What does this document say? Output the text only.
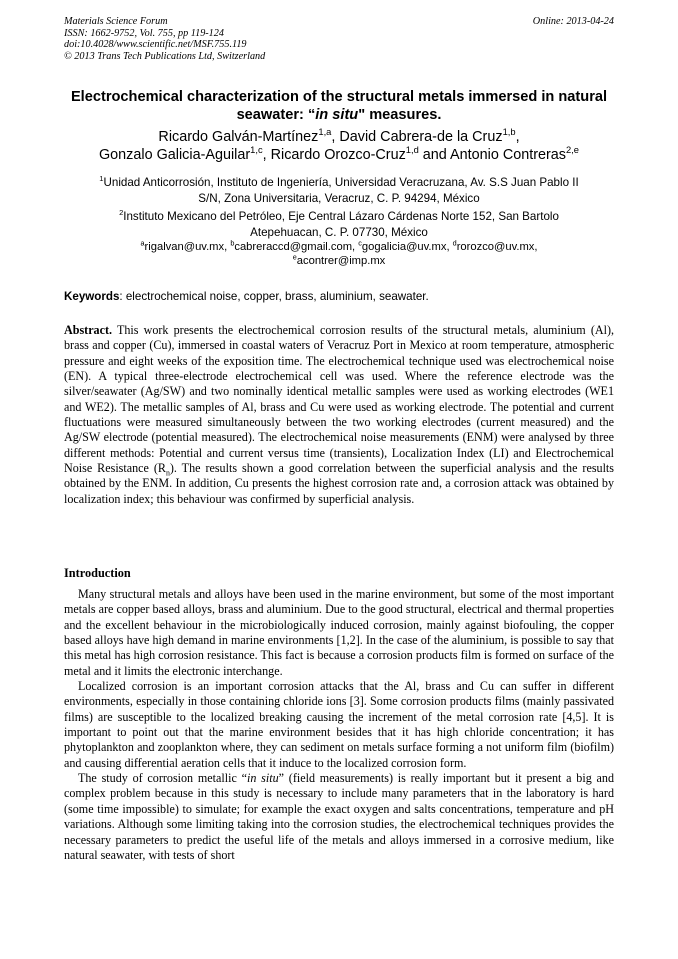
Materials Science Forum
ISSN: 1662-9752, Vol. 755, pp 119-124
doi:10.4028/www.scientific.net/MSF.755.119
© 2013 Trans Tech Publications Ltd, Switzerland
Online: 2013-04-24
Electrochemical characterization of the structural metals immersed in natural seawater: “in situ" measures.
Ricardo Galván-Martínez$^{1,a}$, David Cabrera-de la Cruz$^{1,b}$,
Gonzalo Galicia-Aguilar$^{1,c}$, Ricardo Orozco-Cruz$^{1,d}$ and Antonio Contreras$^{2,e}$
$^1$Unidad Anticorrosión, Instituto de Ingeniería, Universidad Veracruzana, Av. S.S Juan Pablo II
S/N, Zona Universitaria, Veracruz, C. P. 94294, México
$^2$Instituto Mexicano del Petróleo, Eje Central Lázaro Cárdenas Norte 152, San Bartolo
Atepehuacan, C. P. 07730, México
$^a$rigalvan@uv.mx, $^b$cabreraccd@gmail.com, $^c$gogalicia@uv.mx, $^d$rorozco@uv.mx,
$^e$acontrer@imp.mx
Keywords: electrochemical noise, copper, brass, aluminium, seawater.
Abstract. This work presents the electrochemical corrosion results of the structural metals, aluminium (Al), brass and copper (Cu), immersed in coastal waters of Veracruz Port in Mexico at room temperature, atmospheric pressure and eight weeks of the exposition time. The electrochemical technique used was electrochemical noise (EN). A typical three-electrode electrochemical cell was used. Where the reference electrode was the silver/seawater (Ag/SW) and two nominally identical metallic samples were used as working electrodes (WE1 and WE2). The metallic samples of Al, brass and Cu were used as working electrode. The potential and current fluctuations were measured simultaneously between the two working electrodes (current measured) and the Ag/SW electrode (potential measured). The electrochemical noise measurements (ENM) were analysed by three different methods: Potential and current versus time (transients), Localization Index (LI) and Electrochemical Noise Resistance $(R_n)$. The results shown a good correlation between the superficial analysis and the results obtained by the ENM. In addition, Cu presents the highest corrosion rate and, a corrosion attack was obtained by localization index; this behaviour was confirmed by superficial analysis.
Introduction

Many structural metals and alloys have been used in the marine environment, but some of the most important metals are copper based alloys, brass and aluminium. Due to the good structural, electrical and thermal properties and the excellent behaviour in the microbiologically induced corrosion, mainly against biofouling, the copper based alloys have high demand in marine environments [1,2]. In the case of the aluminium, is possible to say that this metal has high corrosion resistance. This fact is because a corrosion products film is formed on surface of the metal and it limits the electronic interchange.

Localized corrosion is an important corrosion attacks that the Al, brass and Cu can suffer in different environments, especially in those containing chloride ions [3]. Some corrosion products films (mainly passivated films) are susceptible to the localized breaking causing the increment of the metal corrosion rate [4,5]. It is important to point out that the marine environment besides that it has high chloride concentration; it has phytoplankton and zooplankton where, they can sediment on metals surface forming a not uniform film (biofilm) and causing differential aeration cells that it induce to the localized corrosion form.

The study of corrosion metallic “in situ” (field measurements) is really important but it present a big and complex problem because in this study is necessary to include many parameters that in the laboratory is hard (some time impossible) to simulate; for example the exact oxygen and salts concentrations, temperature and pH variations. Although some limiting taking into the corrosion studies, the electrochemical techniques provides the necessary parameters to predict the useful life of the metals and alloys immersed in a corrosive medium, like natural seawater, with tests of short
